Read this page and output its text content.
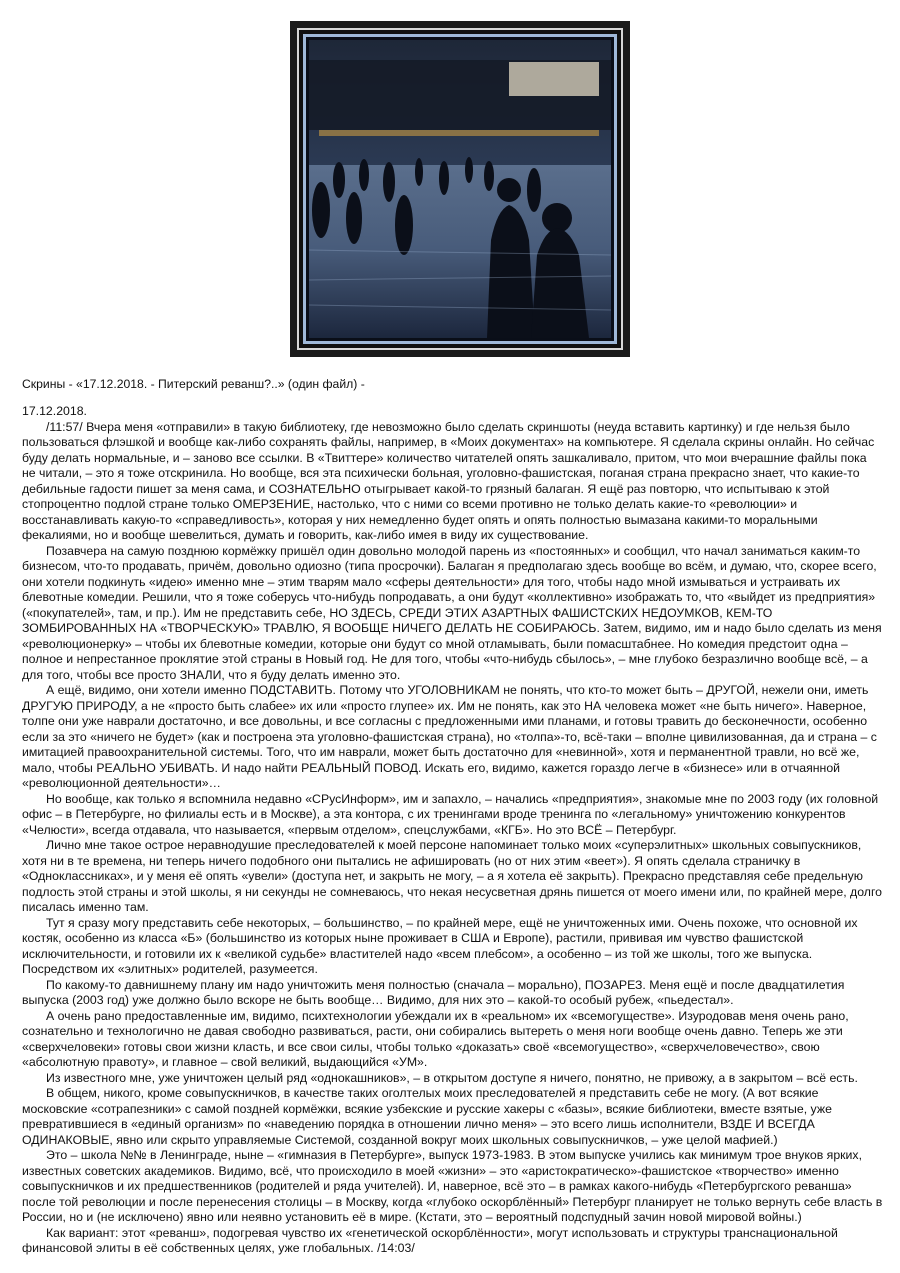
Скрины - «17.12.2018. - Питерский реванш?..» (один файл) -

17.12.2018.

/11:57/ Вчера меня «отправили» в такую библиотеку, где невозможно было сделать скриншоты (неуда вставить картинку) и где нельзя было пользоваться флэшкой и вообще как-либо сохранять файлы, например, в «Моих документах» на компьютере. Я сделала скрины онлайн. Но сейчас буду делать нормальные, и – заново все ссылки. В «Твиттере» количество читателей опять зашкаливало, притом, что мои вчерашние файлы пока не читали, – это я тоже отскринила. Но вообще, вся эта психически больная, уголовно-фашистская, поганая страна прекрасно знает, что какие-то дебильные гадости пишет за меня сама, и СОЗНАТЕЛЬНО отыгрывает какой-то грязный балаган. Я ещё раз повторю, что испытываю к этой стопроцентно подлой стране только ОМЕРЗЕНИЕ, настолько, что с ними со всеми противно не только делать какие-то «революции» и восстанавливать какую-то «справедливость», которая у них немедленно будет опять и опять полностью вымазана какими-то моральными фекалиями, но и вообще шевелиться, думать и говорить, как-либо имея в виду их существование.

Позавчера на самую позднюю кормёжку пришёл один довольно молодой парень из «постоянных» и сообщил, что начал заниматься каким-то бизнесом, что-то продавать, причём, довольно одиозно (типа просрочки). Балаган я предполагаю здесь вообще во всём, и думаю, что, скорее всего, они хотели подкинуть «идею» именно мне – этим тварям мало «сферы деятельности» для того, чтобы надо мной измываться и устраивать их блевотные комедии. Решили, что я тоже соберусь что-нибудь попродавать, а они будут «коллективно» изображать то, что «выйдет из предприятия» («покупателей», там, и пр.). Им не представить себе, НО ЗДЕСЬ, СРЕДИ ЭТИХ АЗАРТНЫХ ФАШИСТСКИХ НЕДОУМКОВ, КЕМ-ТО ЗОМБИРОВАННЫХ НА «ТВОРЧЕСКУЮ» ТРАВЛЮ, Я ВООБЩЕ НИЧЕГО ДЕЛАТЬ НЕ СОБИРАЮСЬ. Затем, видимо, им и надо было сделать из меня «революционерку» – чтобы их блевотные комедии, которые они будут со мной отламывать, были помасштабнее. Но комедия предстоит одна – полное и непрестанное проклятие этой страны в Новый год. Не для того, чтобы «что-нибудь сбылось», – мне глубоко безразлично вообще всё, – а для того, чтобы все просто ЗНАЛИ, что я буду делать именно это.

А ещё, видимо, они хотели именно ПОДСТАВИТЬ. Потому что УГОЛОВНИКАМ не понять, что кто-то может быть – ДРУГОЙ, нежели они, иметь ДРУГУЮ ПРИРОДУ, а не «просто быть слабее» их или «просто глупее» их. Им не понять, как это НА человека может «не быть ничего». Наверное, толпе они уже наврали достаточно, и все довольны, и все согласны с предложенными ими планами, и готовы травить до бесконечности, особенно если за это «ничего не будет» (как и построена эта уголовно-фашистская страна), но «толпа»-то, всё-таки – вполне цивилизованная, да и страна – с имитацией правоохранительной системы. Того, что им наврали, может быть достаточно для «невинной», хотя и перманентной травли, но всё же, мало, чтобы РЕАЛЬНО УБИВАТЬ. И надо найти РЕАЛЬНЫЙ ПОВОД. Искать его, видимо, кажется гораздо легче в «бизнесе» или в отчаянной «революционной деятельности»…

Но вообще, как только я вспомнила недавно «СРусИнформ», им и запахло, – начались «предприятия», знакомые мне по 2003 году (их головной офис – в Петербурге, но филиалы есть и в Москве), а эта контора, с их тренингами вроде тренинга по «легальному» уничтожению конкурентов «Челюсти», всегда отдавала, что называется, «первым отделом», спецслужбами, «КГБ». Но это ВСЁ – Петербург.

Лично мне такое острое неравнодушие преследователей к моей персоне напоминает только моих «суперэлитных» школьных совыпускников, хотя ни в те времена, ни теперь ничего подобного они пытались не афишировать (но от них этим «веет»). Я опять сделала страничку в «Одноклассниках», и у меня её опять «увели» (доступа нет, и закрыть не могу, – а я хотела её закрыть). Прекрасно представляя себе предельную подлость этой страны и этой школы, я ни секунды не сомневаюсь, что некая несусветная дрянь пишется от моего имени или, по крайней мере, долго писалась именно там.

Тут я сразу могу представить себе некоторых, – большинство, – по крайней мере, ещё не уничтоженных ими. Очень похоже, что основной их костяк, особенно из класса «Б» (большинство из которых ныне проживает в США и Европе), растили, прививая им чувство фашистской исключительности, и готовили их к «великой судьбе» властителей надо «всем плебсом», а особенно – из той же школы, того же выпуска. Посредством их «элитных» родителей, разумеется.

По какому-то давнишнему плану им надо уничтожить меня полностью (сначала – морально), ПОЗАРЕЗ. Меня ещё и после двадцатилетия выпуска (2003 год) уже должно было вскоре не быть вообще… Видимо, для них это – какой-то особый рубеж, «пьедестал».

А очень рано предоставленные им, видимо, психтехнологии убеждали их в «реальном» их «всемогуществе». Изуродовав меня очень рано, сознательно и технологично не давая свободно развиваться, расти, они собирались вытереть о меня ноги вообще очень давно. Теперь же эти «сверхчеловеки» готовы свои жизни класть, и все свои силы, чтобы только «доказать» своё «всемогущество», «сверхчеловечество», свою «абсолютную правоту», и главное – свой великий, выдающийся «УМ».

Из известного мне, уже уничтожен целый ряд «однокашников», – в открытом доступе я ничего, понятно, не привожу, а в закрытом – всё есть.

В общем, никого, кроме совыпускничков, в качестве таких оголтелых моих преследователей я представить себе не могу. (А вот всякие московские «сотрапезники» с самой поздней кормёжки, всякие узбекские и русские хакеры с «базы», всякие библиотеки, вместе взятые, уже превратившиеся в «единый организм» по «наведению порядка в отношении лично меня» – это всего лишь исполнители, ВЗДЕ И ВСЕГДА ОДИНАКОВЫЕ, явно или скрыто управляемые Системой, созданной вокруг моих школьных совыпускничков, – уже целой мафией.)

Это – школа №№ в Ленинграде, ныне – «гимназия в Петербурге», выпуск 1973-1983. В этом выпуске учились как минимум трое внуков ярких, известных советских академиков. Видимо, всё, что происходило в моей «жизни» – это «аристократическо»-фашистское «творчество» именно совыпускничков и их предшественников (родителей и ряда учителей). И, наверное, всё это – в рамках какого-нибудь «Петербургского реванша» после той революции и после перенесения столицы – в Москву, когда «глубоко оскорблённый» Петербург планирует не только вернуть себе власть в России, но и (не исключено) явно или неявно установить её в мире. (Кстати, это – вероятный подспудный зачин новой мировой войны.)

Как вариант: этот «реванш», подогревая чувство их «генетической оскорблённости», могут использовать и структуры транснациональной финансовой элиты в её собственных целях, уже глобальных. /14:03/
